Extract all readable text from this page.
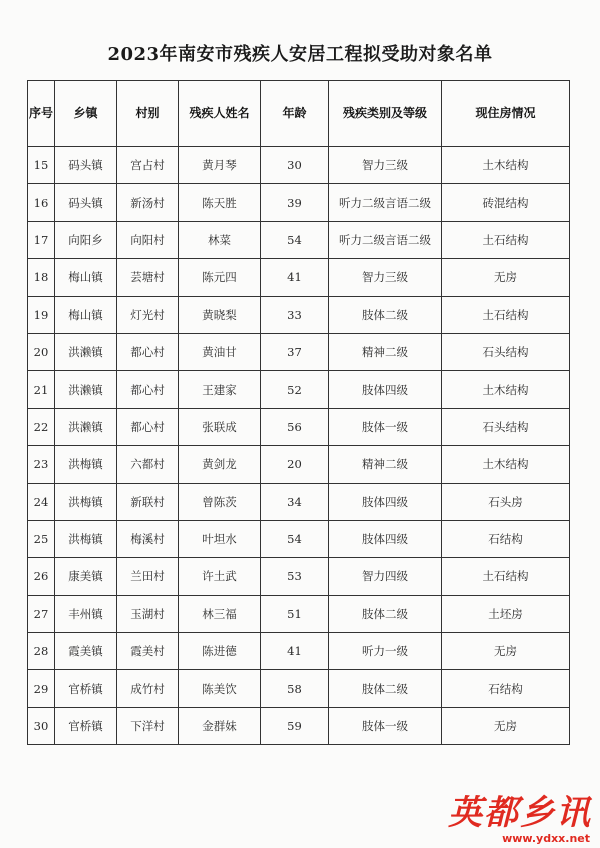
2023年南安市残疾人安居工程拟受助对象名单
序号	乡镇	村别	残疾人姓名	年龄	残疾类别及等级	现住房情况
15	码头镇	宫占村	黄月琴	30	智力三级	土木结构
16	码头镇	新汤村	陈天胜	39	听力二级言语二级	砖混结构
17	向阳乡	向阳村	林菜	54	听力二级言语二级	土石结构
18	梅山镇	芸塘村	陈元四	41	智力三级	无房
19	梅山镇	灯光村	黄晓梨	33	肢体二级	土石结构
20	洪濑镇	都心村	黄油甘	37	精神二级	石头结构
21	洪濑镇	都心村	王建家	52	肢体四级	土木结构
22	洪濑镇	都心村	张联成	56	肢体一级	石头结构
23	洪梅镇	六都村	黄剑龙	20	精神二级	土木结构
24	洪梅镇	新联村	曾陈茨	34	肢体四级	石头房
25	洪梅镇	梅溪村	叶坦水	54	肢体四级	石结构
26	康美镇	兰田村	许土武	53	智力四级	土石结构
27	丰州镇	玉湖村	林三福	51	肢体二级	土坯房
28	霞美镇	霞美村	陈进德	41	听力一级	无房
29	官桥镇	成竹村	陈美饮	58	肢体二级	石结构
30	官桥镇	下洋村	金群妹	59	肢体一级	无房
英都乡讯
www.ydxx.net
